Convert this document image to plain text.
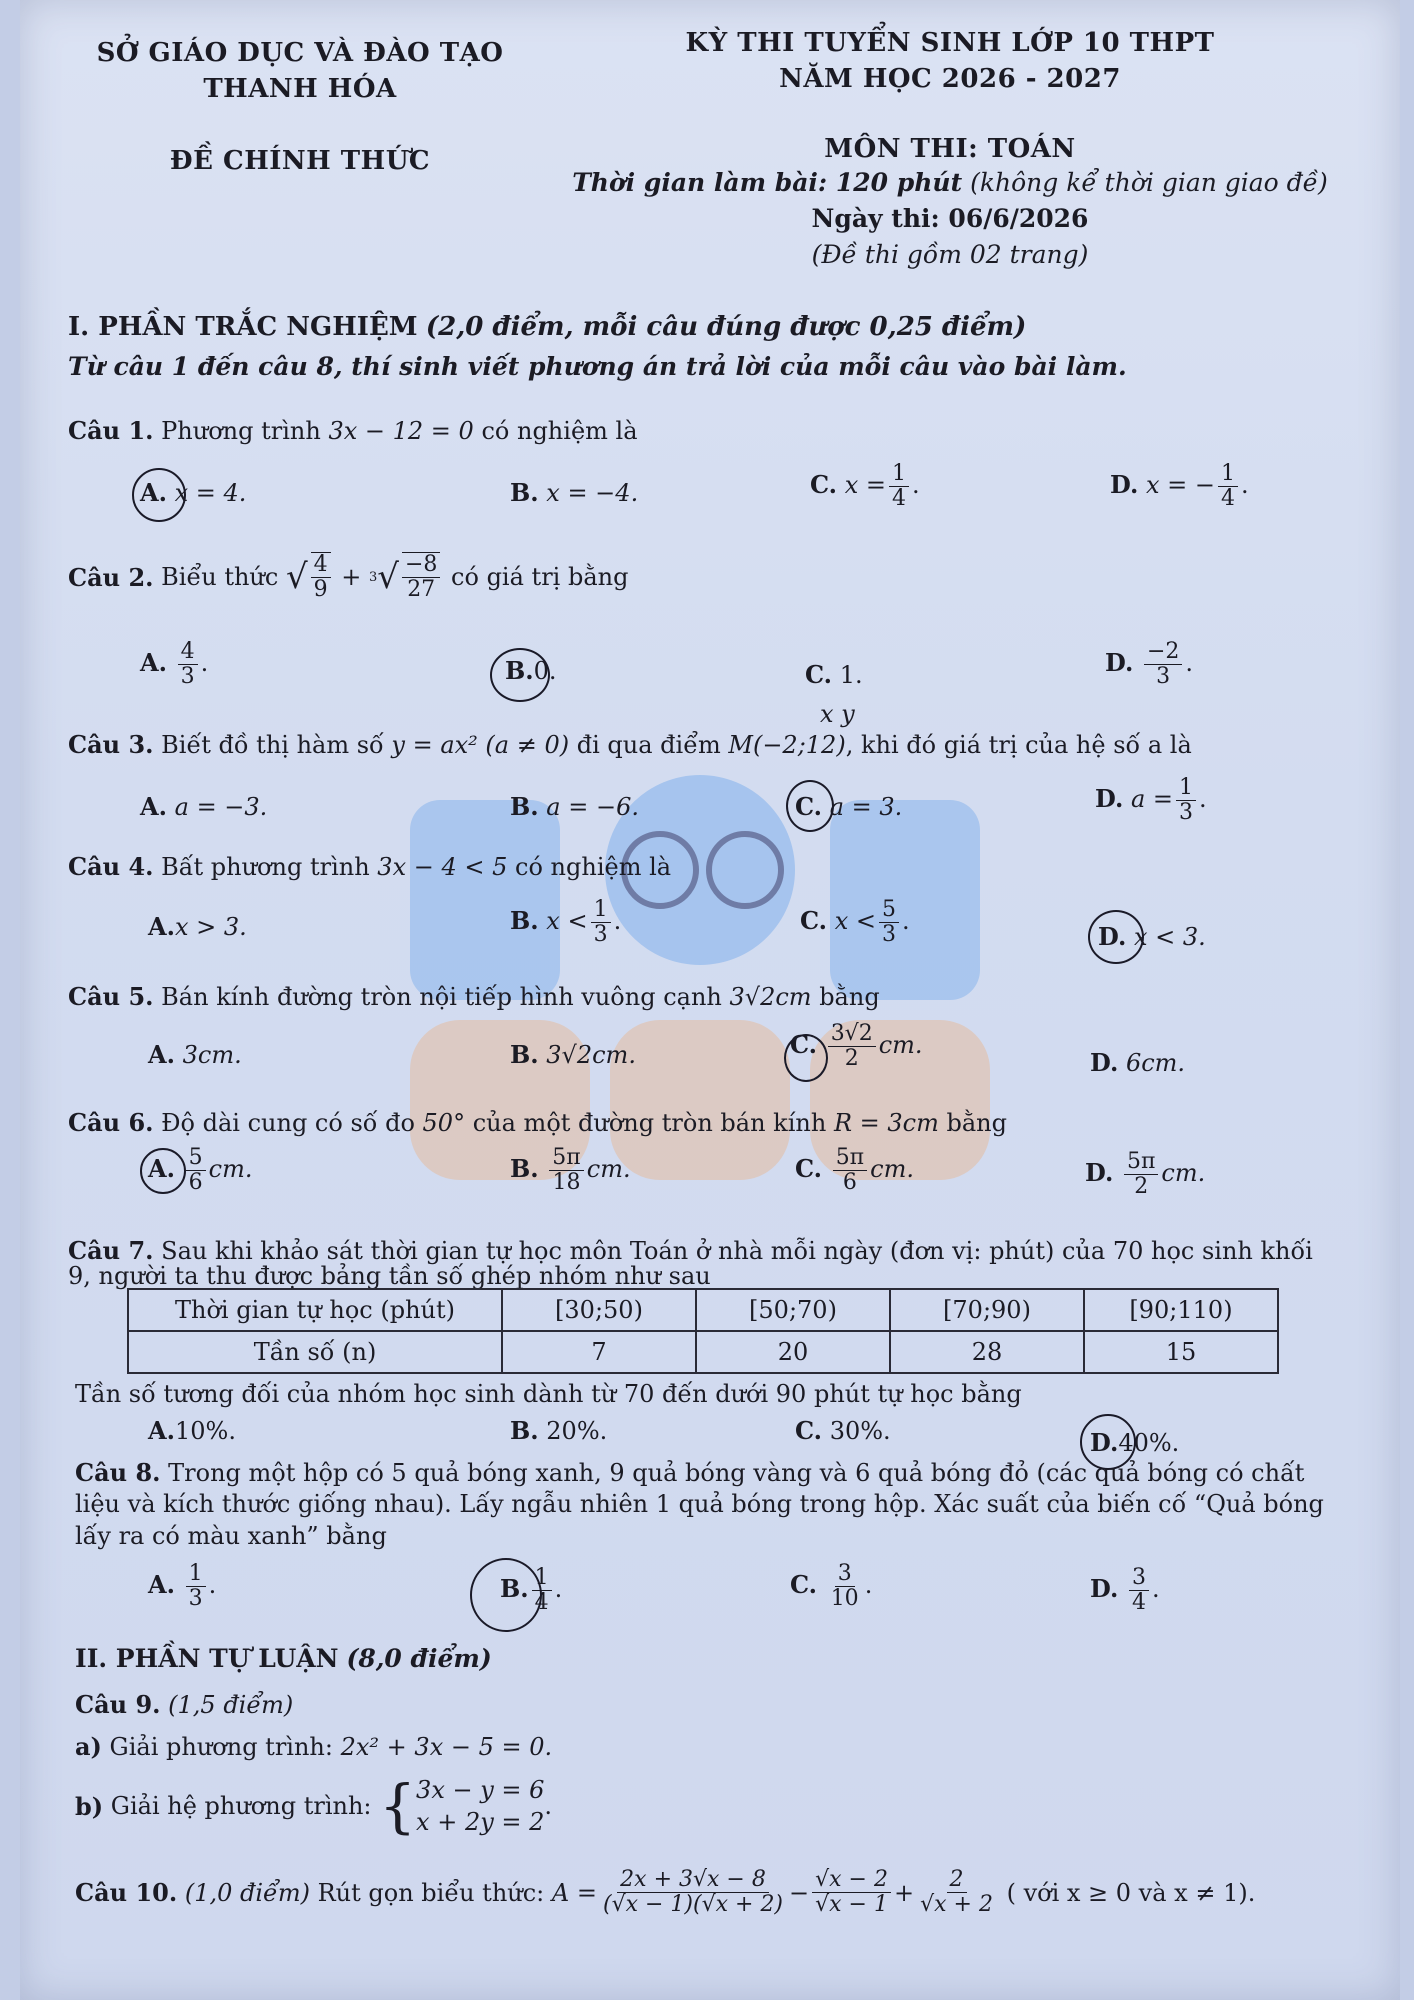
SỞ GIÁO DỤC VÀ ĐÀO TẠO
THANH HÓA
ĐỀ CHÍNH THỨC
KỲ THI TUYỂN SINH LỚP 10 THPT
NĂM HỌC 2026 - 2027
MÔN THI: TOÁN
Thời gian làm bài: 120 phút (không kể thời gian giao đề)
Ngày thi: 06/6/2026
(Đề thi gồm 02 trang)
I. PHẦN TRẮC NGHIỆM (2,0 điểm, mỗi câu đúng được 0,25 điểm)
Từ câu 1 đến câu 8, thí sinh viết phương án trả lời của mỗi câu vào bài làm.
Câu 1. Phương trình 3x − 12 = 0 có nghiệm là
A. x = 4.	B. x = −4.	C. $x = \frac{1}{4}$ .	D. x = − $\frac{1}{4}$ .
Câu 2.
Biểu thức
√ $\frac{4}{9} + 3$ √ $\frac{-8}{27}$
có giá trị bằng
A. $\frac{4}{3}$ .	B.0.	C. 1.	D. $\frac{-2}{3}$ .
x y
Câu 3. Biết đồ thị hàm số y = ax² (a ≠ 0) đi qua điểm M(−2;12), khi đó giá trị của hệ số a là
A. a = −3.	B. a = −6.	C. a = 3.	D. $a = \frac{1}{3}$ .
Câu 4. Bất phương trình 3x − 4 < 5 có nghiệm là
A.x > 3.	B. $x < \frac{1}{3}$ .	C. $x < \frac{5}{3}$ .
D. x < 3.
Câu 5. Bán kính đường tròn nội tiếp hình vuông cạnh 3√2cm bằng
A. 3cm.	B. 3√2cm.	C. $\frac{3√2}{2}$ cm.
D. 6cm.
Câu 6. Độ dài cung có số đo 50° của một đường tròn bán kính R = 3cm bằng
A. $\frac{5}{6}$ cm.	B. $\frac{5\pi}{18}$ cm.	C. $\frac{5\pi}{6}$ cm.	D. $\frac{5\pi}{2}$ cm.
Câu 7. Sau khi khảo sát thời gian tự học môn Toán ở nhà mỗi ngày (đơn vị: phút) của 70 học sinh khối
9, người ta thu được bảng tần số ghép nhóm như sau
Thời gian tự học (phút)	[30;50)	[50;70)	[70;90)	[90;110)
Tần số (n)	7	20	28	15
Tần số tương đối của nhóm học sinh dành từ 70 đến dưới 90 phút tự học bằng
A.10%.	B. 20%.	C. 30%.	D.40%.
Câu 8. Trong một hộp có 5 quả bóng xanh, 9 quả bóng vàng và 6 quả bóng đỏ (các quả bóng có chất
liệu và kích thước giống nhau). Lấy ngẫu nhiên 1 quả bóng trong hộp. Xác suất của biến cố “Quả bóng
lấy ra có màu xanh” bằng
A. $\frac{1}{3}$ .	B. $\frac{1}{4}$ .	C. $\frac{3}{10}$ .	D. $\frac{3}{4}$ .
II. PHẦN TỰ LUẬN (8,0 điểm)
Câu 9. (1,5 điểm)
a) Giải phương trình: 2x² + 3x − 5 = 0.
b)
Giải hệ phương trình:
{ 3x − y = 6
x + 2y = 2
.
Câu 10.
(1,0 điểm)
Rút gọn biểu thức:
$A = \frac{2x + 3√x - 8}{(√x - 1)(√x + 2)} - \frac{√x - 2}{√x - 1} + \frac{2}{√x + 2}$
( với x ≥ 0 và x ≠ 1).
